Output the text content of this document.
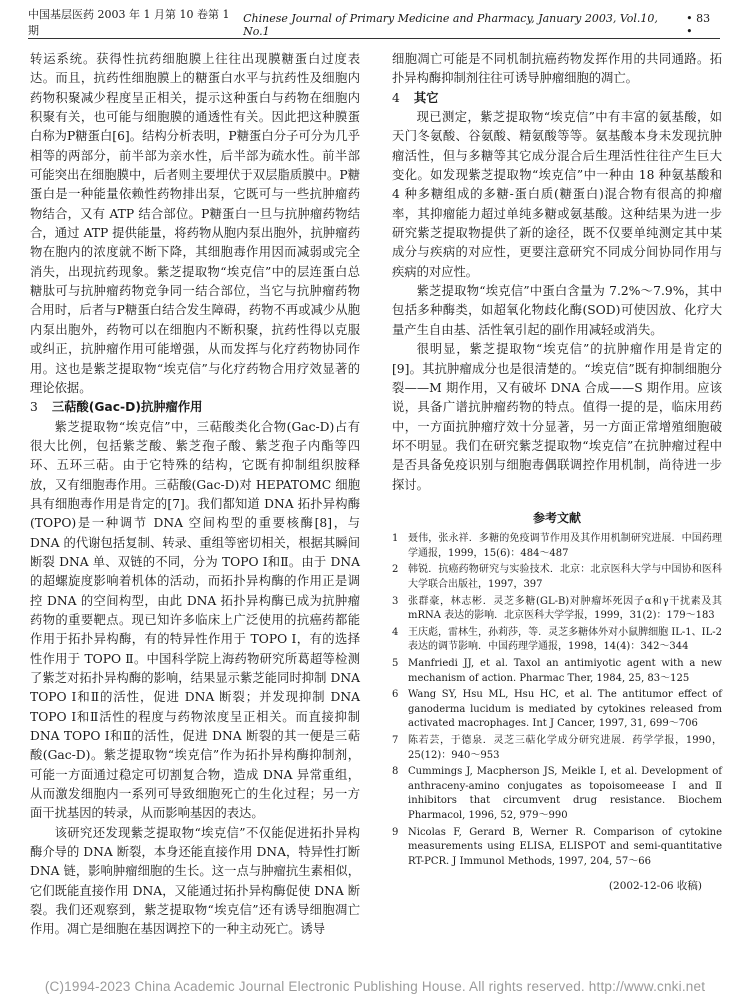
中国基层医药 2003 年 1 月第 10 卷第 1 期
Chinese Journal of Primary Medicine and Pharmacy, January 2003, Vol.10, No.1
• 83 •

转运系统。获得性抗药细胞膜上往往出现膜糖蛋白过度表达。而且，抗药性细胞膜上的糖蛋白水平与抗药性及细胞内药物积聚减少程度呈正相关，提示这种蛋白与药物在细胞内积聚有关，也可能与细胞膜的通透性有关。因此把这种膜蛋白称为P糖蛋白[6]。结构分析表明，P糖蛋白分子可分为几乎相等的两部分，前半部为亲水性，后半部为疏水性。前半部可能突出在细胞膜中，后者则主要埋伏于双层脂质膜中。P糖蛋白是一种能量依赖性药物排出泵，它既可与一些抗肿瘤药物结合，又有 ATP 结合部位。P糖蛋白一旦与抗肿瘤药物结合，通过 ATP 提供能量，将药物从胞内泵出胞外，抗肿瘤药物在胞内的浓度就不断下降，其细胞毒作用因而减弱或完全消失，出现抗药现象。紫芝提取物“埃克信”中的层连蛋白总糖肽可与抗肿瘤药物竞争同一结合部位，当它与抗肿瘤药物合用时，后者与P糖蛋白结合发生障碍，药物不再或减少从胞内泵出胞外，药物可以在细胞内不断积聚，抗药性得以克服或纠正，抗肿瘤作用可能增强，从而发挥与化疗药物协同作用。这也是紫芝提取物“埃克信”与化疗药物合用疗效显著的理论依据。

3 三萜酸(Gac-D)抗肿瘤作用

紫芝提取物“埃克信”中，三萜酸类化合物(Gac-D)占有很大比例，包括紫芝酸、紫芝孢子酸、紫芝孢子内酯等四环、五环三萜。由于它特殊的结构，它既有抑制组织胺释放，又有细胞毒作用。三萜酸(Gac-D)对 HEPATOMC 细胞具有细胞毒作用是肯定的[7]。我们都知道 DNA 拓扑异构酶(TOPO)是一种调节 DNA 空间构型的重要核酶[8]，与 DNA 的代谢包括复制、转录、重组等密切相关，根据其瞬间断裂 DNA 单、双链的不同，分为 TOPO Ⅰ和Ⅱ。由于 DNA 的超螺旋度影响着机体的活动，而拓扑异构酶的作用正是调控 DNA 的空间构型，由此 DNA 拓扑异构酶已成为抗肿瘤药物的重要靶点。现已知许多临床上广泛使用的抗癌药都能作用于拓扑异构酶，有的特异性作用于 TOPO Ⅰ，有的选择性作用于 TOPO Ⅱ。中国科学院上海药物研究所葛超等检测了紫芝对拓扑异构酶的影响，结果显示紫芝能同时抑制 DNA TOPO Ⅰ和Ⅱ的活性，促进 DNA 断裂；并发现抑制 DNA TOPO Ⅰ和Ⅱ活性的程度与药物浓度呈正相关。而直接抑制 DNA TOPO Ⅰ和Ⅱ的活性，促进 DNA 断裂的其一便是三萜酸(Gac-D)。紫芝提取物“埃克信”作为拓扑异构酶抑制剂，可能一方面通过稳定可切割复合物，造成 DNA 异常重组，从而激发细胞内一系列可导致细胞死亡的生化过程；另一方面干扰基因的转录，从而影响基因的表达。

该研究还发现紫芝提取物“埃克信”不仅能促进拓扑异构酶介导的 DNA 断裂，本身还能直接作用 DNA，特异性打断 DNA 链，影响肿瘤细胞的生长。这一点与肿瘤抗生素相似，它们既能直接作用 DNA，又能通过拓扑异构酶促使 DNA 断裂。我们还观察到，紫芝提取物“埃克信”还有诱导细胞凋亡作用。凋亡是细胞在基因调控下的一种主动死亡。诱导

细胞凋亡可能是不同机制抗癌药物发挥作用的共同通路。拓扑异构酶抑制剂往往可诱导肿瘤细胞的凋亡。

4 其它

现已测定，紫芝提取物“埃克信”中有丰富的氨基酸，如天门冬氨酸、谷氨酸、精氨酸等等。氨基酸本身未发现抗肿瘤活性，但与多糖等其它成分混合后生理活性往往产生巨大变化。如发现紫芝提取物“埃克信”中一种由 18 种氨基酸和 4 种多糖组成的多糖-蛋白质(糖蛋白)混合物有很高的抑瘤率，其抑瘤能力超过单纯多糖或氨基酸。这种结果为进一步研究紫芝提取物提供了新的途径，既不仅要单纯测定其中某成分与疾病的对应性，更要注意研究不同成分间协同作用与疾病的对应性。

紫芝提取物“埃克信”中蛋白含量为 7.2%～7.9%，其中包括多种酶类，如超氧化物歧化酶(SOD)可使因放、化疗大量产生自由基、活性氧引起的副作用减轻或消失。

很明显，紫芝提取物“埃克信”的抗肿瘤作用是肯定的[9]。其抗肿瘤成分也是很清楚的。“埃克信”既有抑制细胞分裂——M 期作用，又有破坏 DNA 合成——S 期作用。应该说，具备广谱抗肿瘤药物的特点。值得一提的是，临床用药中，一方面抗肿瘤疗效十分显著，另一方面正常增殖细胞破坏不明显。我们在研究紫芝提取物“埃克信”在抗肿瘤过程中是否具备免疫识别与细胞毒偶联调控作用机制，尚待进一步探讨。

参考文献
1 聂伟，张永祥．多糖的免疫调节作用及其作用机制研究进展．中国药理学通报，1999，15(6)：484～487
2 韩锐．抗癌药物研究与实验技术．北京：北京医科大学与中国协和医科大学联合出版社，1997，397
3 张群豪，林志彬．灵芝多糖(GL-B)对肿瘤坏死因子α和γ干扰素及其 mRNA 表达的影响．北京医科大学学报，1999，31(2)：179～183
4 王庆彪，雷林生，孙莉莎，等．灵芝多糖体外对小鼠脾细胞 IL-1、IL-2 表达的调节影响．中国药理学通报，1998，14(4)：342～344
5 Manfriedi JJ, et al. Taxol an antimiyotic agent with a new mechanism of action. Pharmac Ther, 1984, 25, 83～125
6 Wang SY, Hsu ML, Hsu HC, et al. The antitumor effect of ganoderma lucidum is mediated by cytokines released from activated macrophages. Int J Cancer, 1997, 31, 699～706
7 陈若芸，于德泉．灵芝三萜化学成分研究进展．药学学报，1990，25(12)：940～953
8 Cummings J, Macpherson JS, Meikle I, et al. Development of anthraceny-amino conjugates as topoisomeease Ⅰ and Ⅱ inhibitors that circumvent drug resistance. Biochem Pharmacol, 1996, 52, 979～990
9 Nicolas F, Gerard B, Werner R. Comparison of cytokine measurements using ELISA, ELISPOT and semi-quantitative RT-PCR. J Immunol Methods, 1997, 204, 57～66
(2002-12-06 收稿)
(C)1994-2023 China Academic Journal Electronic Publishing House. All rights reserved. http://www.cnki.net
